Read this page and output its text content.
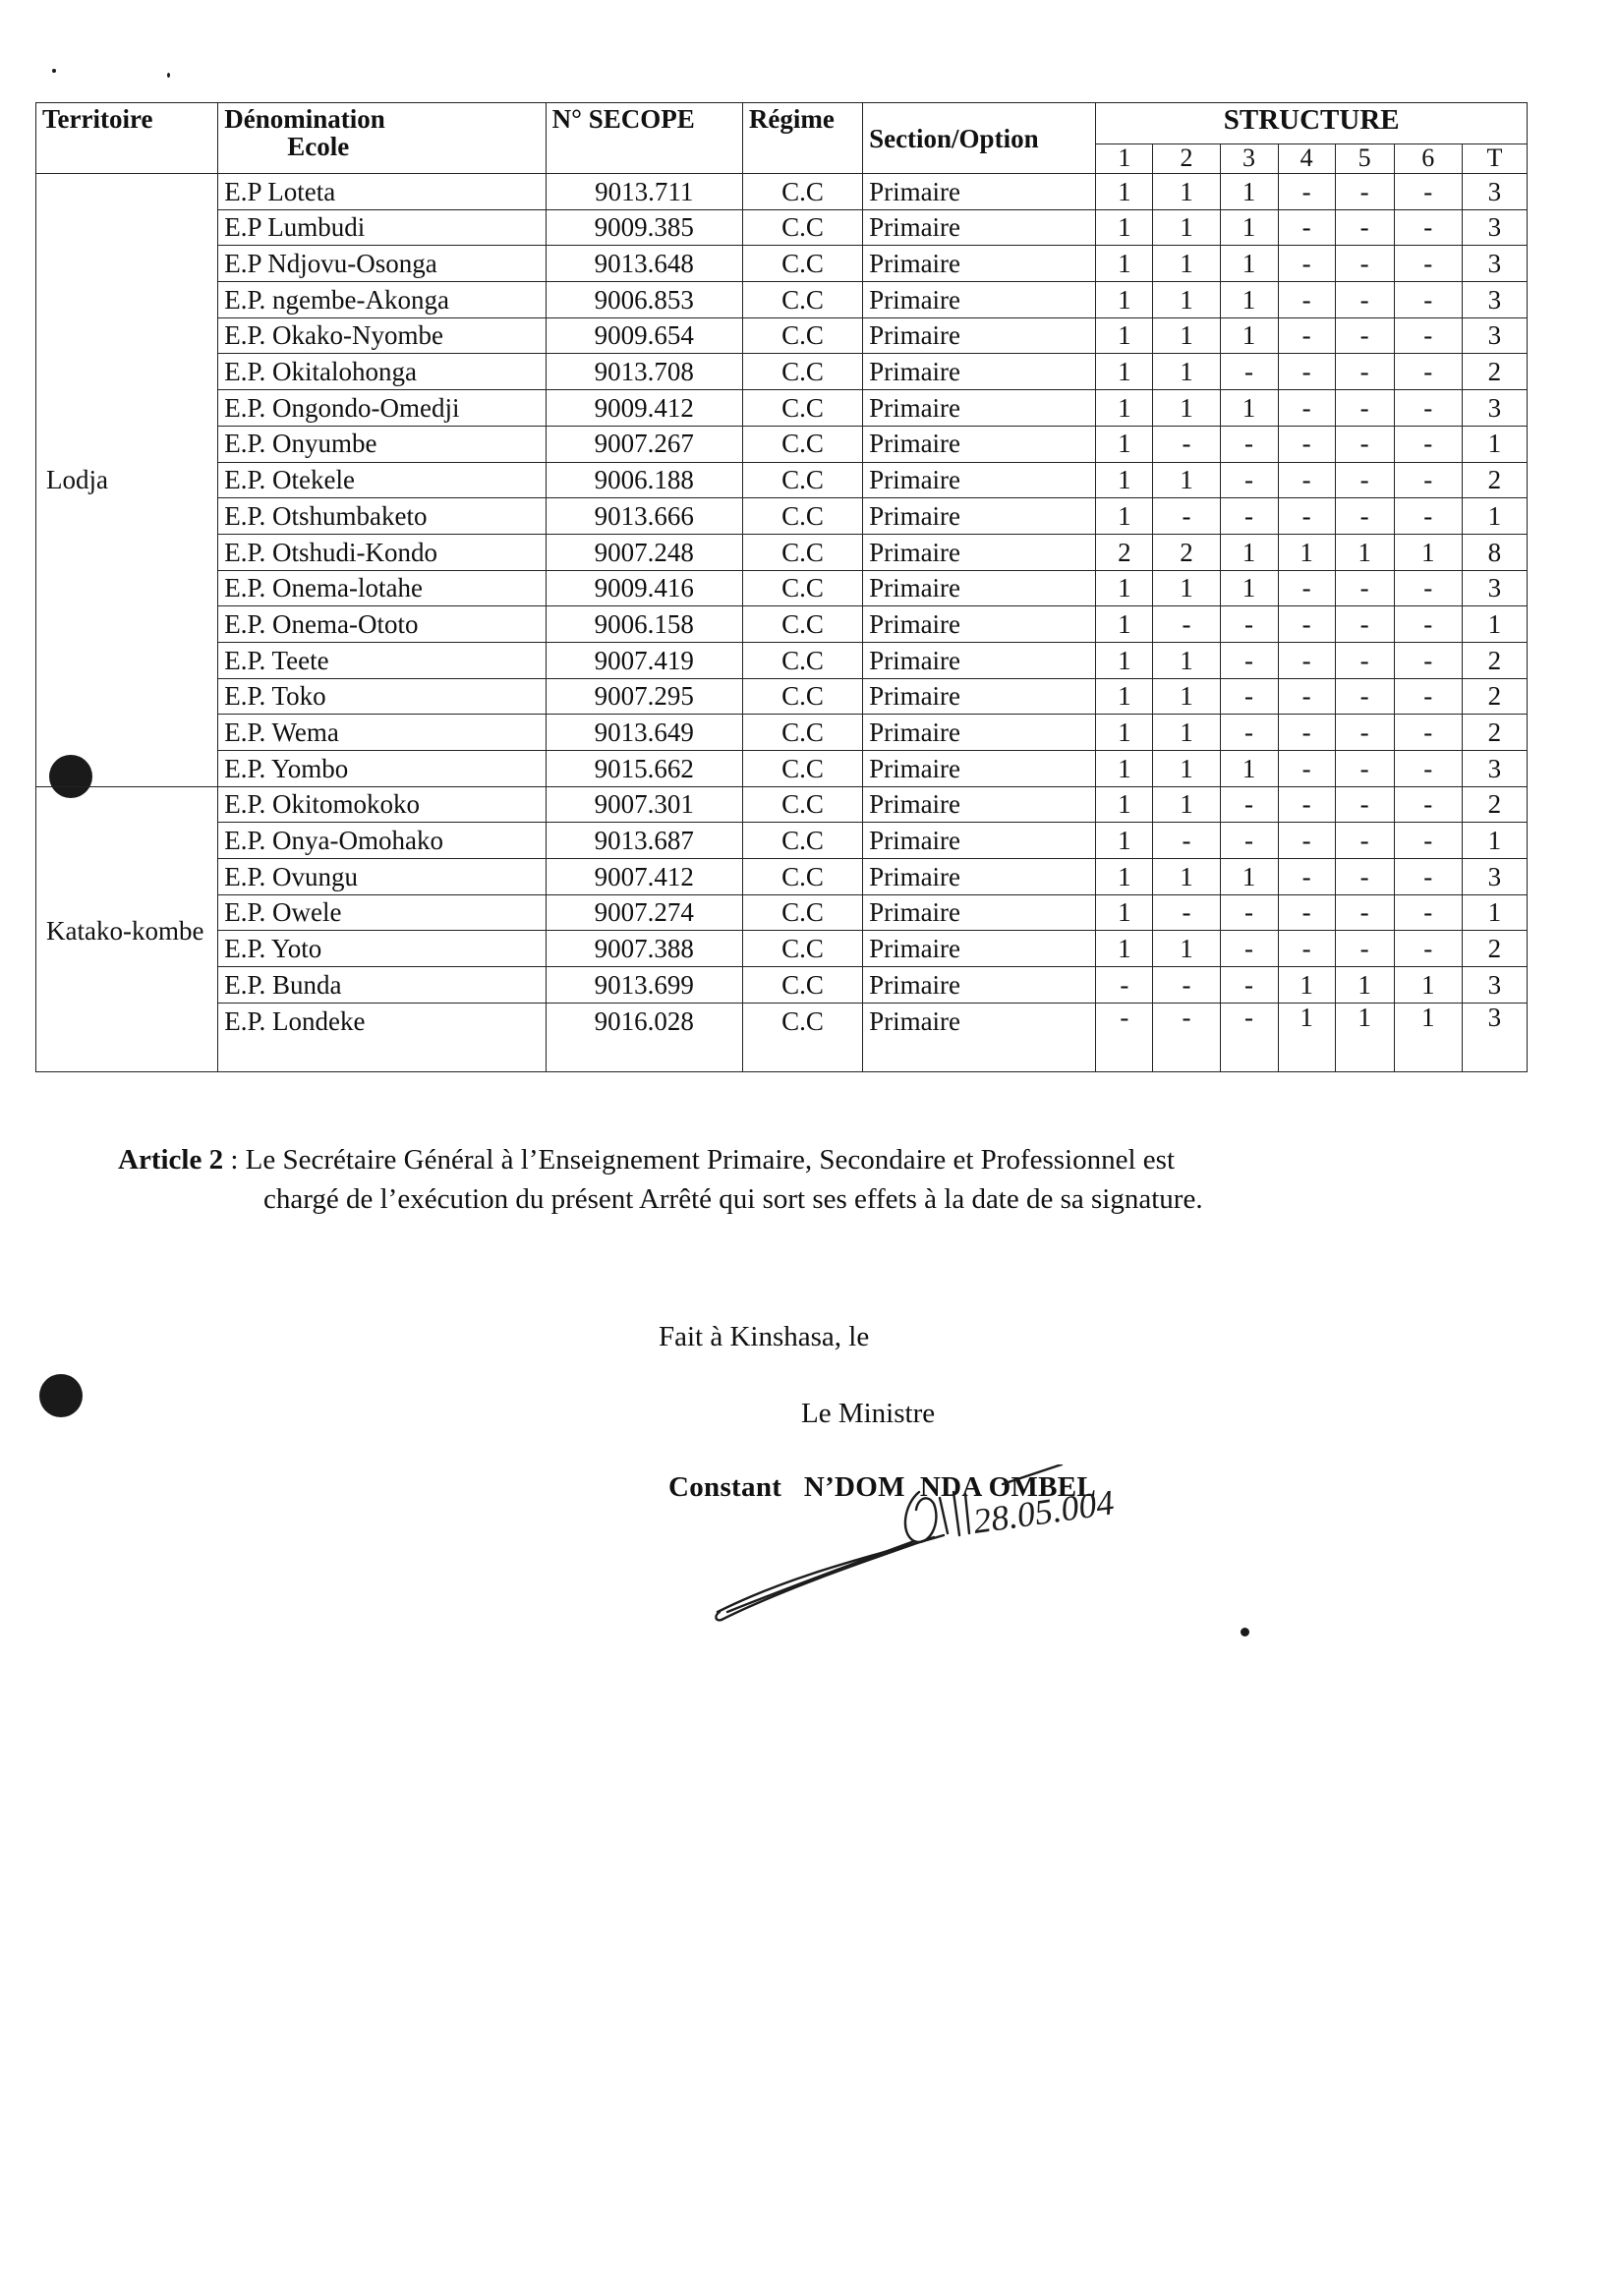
Territoire	Dénomination
Ecole	N° SECOPE	Régime	Section/Option	STRUCTURE						
					1	2	3	4	5	6	T
Lodja	E.P Loteta	9013.711	C.C	Primaire	1	1	1	-	-	-	3
	E.P Lumbudi	9009.385	C.C	Primaire	1	1	1	-	-	-	3
	E.P Ndjovu-Osonga	9013.648	C.C	Primaire	1	1	1	-	-	-	3
	E.P. ngembe-Akonga	9006.853	C.C	Primaire	1	1	1	-	-	-	3
	E.P. Okako-Nyombe	9009.654	C.C	Primaire	1	1	1	-	-	-	3
	E.P. Okitalohonga	9013.708	C.C	Primaire	1	1	-	-	-	-	2
	E.P. Ongondo-Omedji	9009.412	C.C	Primaire	1	1	1	-	-	-	3
	E.P. Onyumbe	9007.267	C.C	Primaire	1	-	-	-	-	-	1
	E.P. Otekele	9006.188	C.C	Primaire	1	1	-	-	-	-	2
	E.P. Otshumbaketo	9013.666	C.C	Primaire	1	-	-	-	-	-	1
	E.P. Otshudi-Kondo	9007.248	C.C	Primaire	2	2	1	1	1	1	8
	E.P. Onema-lotahe	9009.416	C.C	Primaire	1	1	1	-	-	-	3
	E.P. Onema-Ototo	9006.158	C.C	Primaire	1	-	-	-	-	-	1
	E.P. Teete	9007.419	C.C	Primaire	1	1	-	-	-	-	2
	E.P. Toko	9007.295	C.C	Primaire	1	1	-	-	-	-	2
	E.P. Wema	9013.649	C.C	Primaire	1	1	-	-	-	-	2
	E.P. Yombo	9015.662	C.C	Primaire	1	1	1	-	-	-	3
Katako-kombe	E.P. Okitomokoko	9007.301	C.C	Primaire	1	1	-	-	-	-	2
	E.P. Onya-Omohako	9013.687	C.C	Primaire	1	-	-	-	-	-	1
	E.P. Ovungu	9007.412	C.C	Primaire	1	1	1	-	-	-	3
	E.P. Owele	9007.274	C.C	Primaire	1	-	-	-	-	-	1
	E.P. Yoto	9007.388	C.C	Primaire	1	1	-	-	-	-	2
	E.P. Bunda	9013.699	C.C	Primaire	-	-	-	1	1	1	3
	E.P. Londeke	9016.028	C.C	Primaire	-	-	-	1	1	1	3
Article 2 : Le Secrétaire Général à l’Enseignement Primaire, Secondaire et Professionnel est
chargé de l’exécution du présent Arrêté qui sort ses effets à la date de sa signature.
Fait à Kinshasa, le
Le Ministre
Constant   N’DOM  NDA OMBEL
28.05.004
